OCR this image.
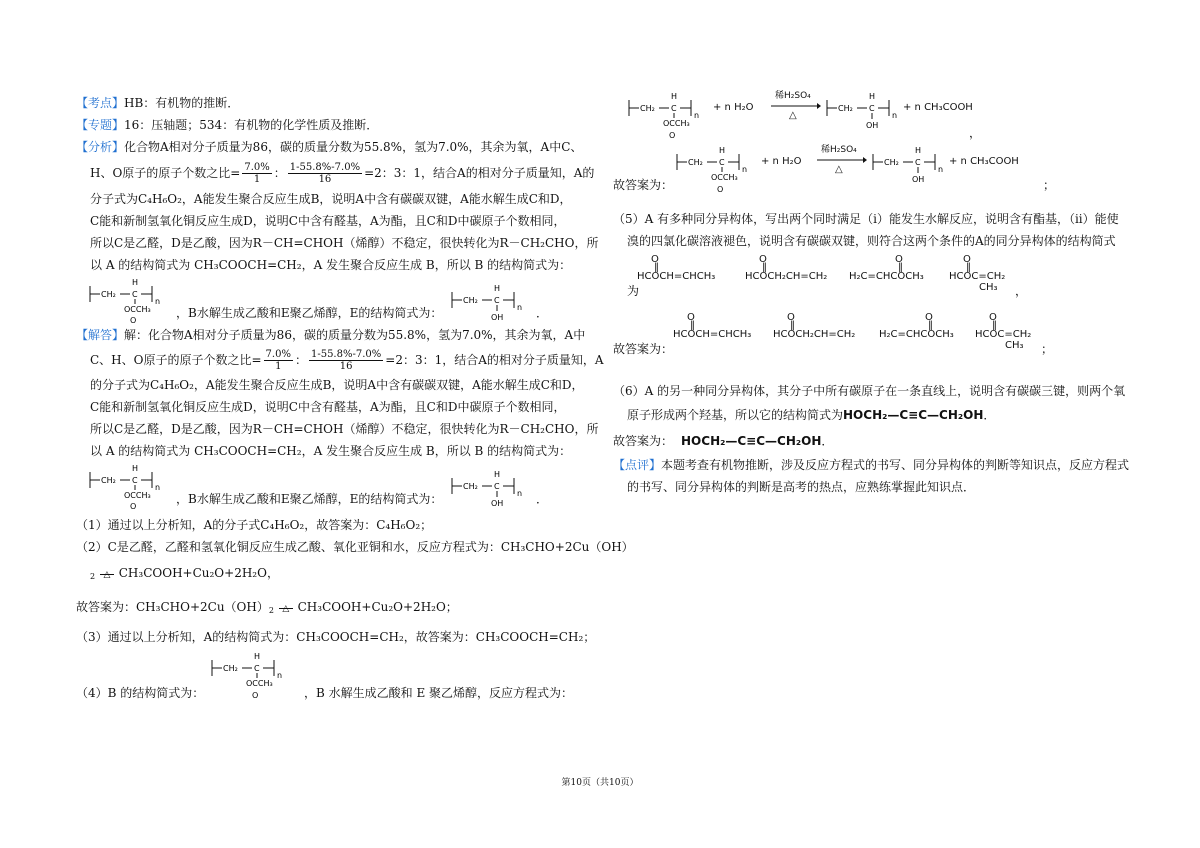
【考点】HB：有机物的推断．

【专题】16：压轴题；534：有机物的化学性质及推断．

【分析】化合物A相对分子质量为86，碳的质量分数为55.8%，氢为7.0%，其余为氧，A中C、

H、O原子的原子个数之比= $\frac{7.0\%}{1}$ ： $\frac{1-55.8\%-7.0\%}{16} =2$：3：1，结合A的相对分子质量知，A的

分子式为C₄H₆O₂，A能发生聚合反应生成B，说明A中含有碳碳双键，A能水解生成C和D，

C能和新制氢氧化铜反应生成D，说明C中含有醛基，A为酯，且C和D中碳原子个数相同，

所以C是乙醛，D是乙酸，因为R－CH=CHOH（烯醇）不稳定，很快转化为R－CH₂CHO，所

以 A 的结构简式为 CH₃COOCH=CH₂，A 发生聚合反应生成 B，所以 B 的结构简式为：

CH₂ C
H
n
OCCH₃
O
CH₂ C
H
n
OH
，B水解生成乙酸和E聚乙烯醇，E的结构简式为：	．

【解答】解：化合物A相对分子质量为86，碳的质量分数为55.8%，氢为7.0%，其余为氧，A中

C、H、O原子的原子个数之比= $\frac{7.0\%}{1}$ ： $\frac{1-55.8\%-7.0\%}{16} =2$：3：1，结合A的相对分子质量知，A

的分子式为C₄H₆O₂，A能发生聚合反应生成B，说明A中含有碳碳双键，A能水解生成C和D，

C能和新制氢氧化铜反应生成D，说明C中含有醛基，A为酯，且C和D中碳原子个数相同，

所以C是乙醛，D是乙酸，因为R－CH=CHOH（烯醇）不稳定，很快转化为R－CH₂CHO，所

以 A 的结构简式为 CH₃COOCH=CH₂，A 发生聚合反应生成 B，所以 B 的结构简式为：

CH₂ C
H
n
OCCH₃
O
CH₂ C
H
n
OH
，B水解生成乙酸和E聚乙烯醇，E的结构简式为：	．

（1）通过以上分析知，A的分子式C₄H₆O₂，故答案为：C₄H₆O₂；

（2）C是乙醛，乙醛和氢氧化铜反应生成乙酸、氧化亚铜和水，反应方程式为：CH₃CHO+2Cu（OH）

$_2$ △ CH₃COOH+Cu₂O+2H₂O，

故答案为：$CH_3CHO+2Cu(OH)_2$ △ CH₃COOH+Cu₂O+2H₂O；

（3）通过以上分析知，A的结构简式为：CH₃COOCH=CH₂，故答案为：CH₃COOCH=CH₂；

（4）B 的结构简式为：
CH₂ C
H
n
OCCH₃
O	，B 水解生成乙酸和 E 聚乙烯醇，反应方程式为：
CH₂ C
H
n
OCCH₃
O
+ n H₂O
稀H₂SO₄
△
CH₂ C
H
n
OH
+ n CH₃COOH
，
故答案为：
CH₂ C
H
n
OCCH₃
O
+ n H₂O
稀H₂SO₄
△
CH₂ C
H
n
OH
+ n CH₃COOH
；

（5）A 有多种同分异构体，写出两个同时满足（i）能发生水解反应，说明含有酯基，（ii）能使

溴的四氯化碳溶液褪色，说明含有碳碳双键，则符合这两个条件的A的同分异构体的结构简式

为
O
‖
HCOCH=CHCH₃
O
‖
HCOCH₂CH=CH₂
O
‖
H₂C=CHCOCH₃
O
‖
HCOC=CH₂
CH₃	，
故答案为：
O
‖
HCOCH=CHCH₃
O
‖
HCOCH₂CH=CH₂
O
‖
H₂C=CHCOCH₃
O
‖
HCOC=CH₂
CH₃	；

（6）A 的另一种同分异构体，其分子中所有碳原子在一条直线上，说明含有碳碳三键，则两个氧

原子形成两个羟基，所以它的结构简式为HOCH₂—C≡C—CH₂OH．

故答案为： HOCH₂—C≡C—CH₂OH．

【点评】本题考查有机物推断，涉及反应方程式的书写、同分异构体的判断等知识点，反应方程式

的书写、同分异构体的判断是高考的热点，应熟练掌握此知识点．

第10页（共10页）
